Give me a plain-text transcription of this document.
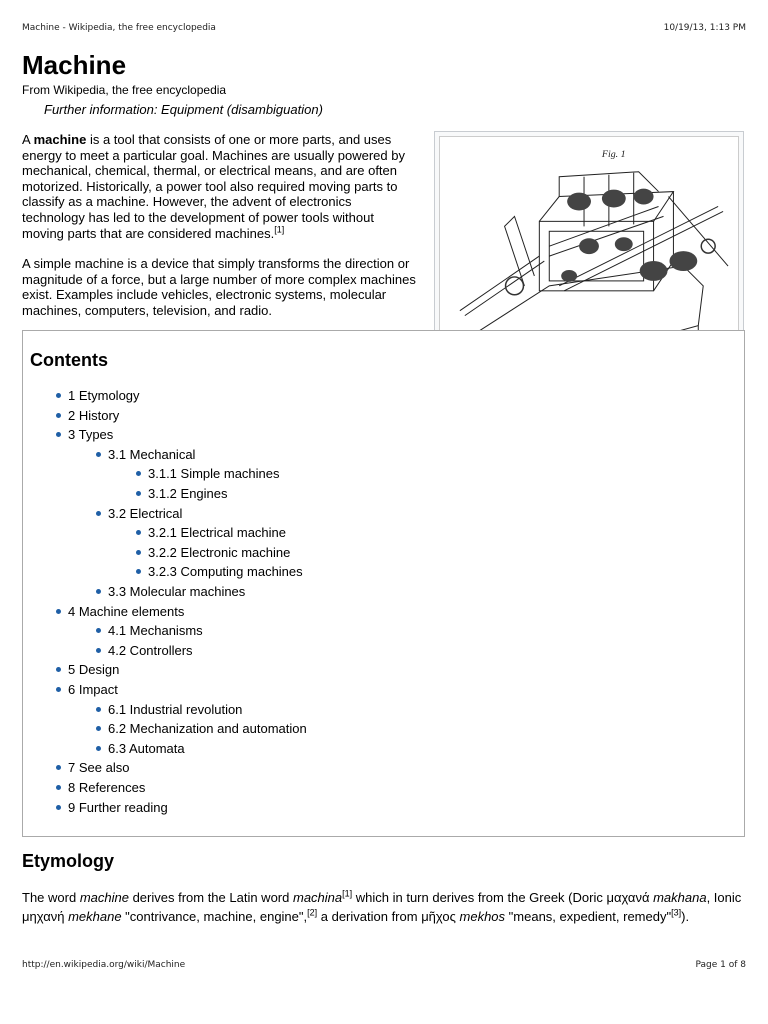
Machine - Wikipedia, the free encyclopedia	10/19/13, 1:13 PM
Machine
From Wikipedia, the free encyclopedia
Further information: Equipment (disambiguation)

A machine is a tool that consists of one or more parts, and uses energy to meet a particular goal. Machines are usually powered by mechanical, chemical, thermal, or electrical means, and are often motorized. Historically, a power tool also required moving parts to classify as a machine. However, the advent of electronics technology has led to the development of power tools without moving parts that are considered machines.[1]

A simple machine is a device that simply transforms the direction or magnitude of a force, but a large number of more complex machines exist. Examples include vehicles, electronic systems, molecular machines, computers, television, and radio.

Fig. 1
Contents
1 Etymology
2 History
3 Types
3.1 Mechanical
3.1.1 Simple machines
3.1.2 Engines
3.2 Electrical
3.2.1 Electrical machine
3.2.2 Electronic machine
3.2.3 Computing machines
3.3 Molecular machines
4 Machine elements
4.1 Mechanisms
4.2 Controllers
5 Design
6 Impact
6.1 Industrial revolution
6.2 Mechanization and automation
6.3 Automata
7 See also
8 References
9 Further reading
Etymology

The word machine derives from the Latin word machina[1] which in turn derives from the Greek (Doric μαχανά makhana, Ionic μηχανή mekhane "contrivance, machine, engine",[2] a derivation from μῆχος mekhos "means, expedient, remedy"[3]).

http://en.wikipedia.org/wiki/Machine	Page 1 of 8
